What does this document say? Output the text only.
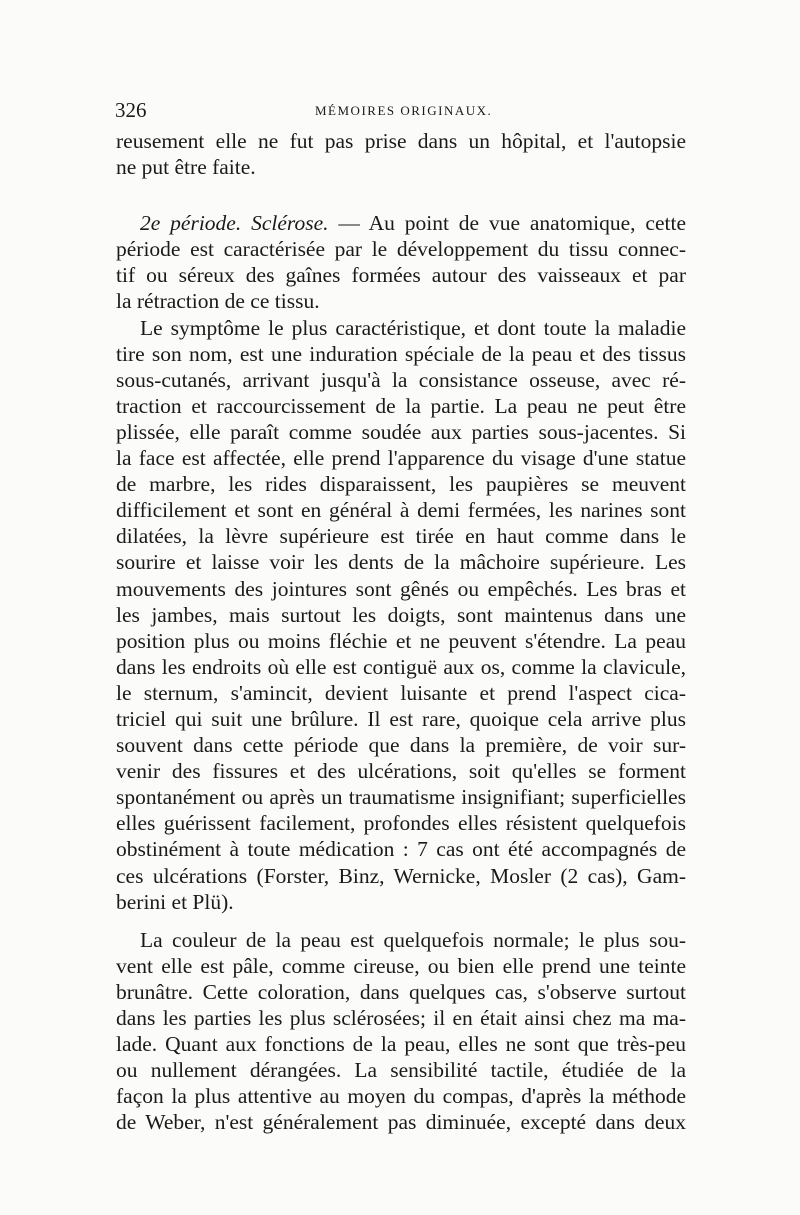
326	MÉMOIRES ORIGINAUX.
reusement elle ne fut pas prise dans un hôpital, et l'autopsie
ne put être faite.
2e période. Sclérose. — Au point de vue anatomique, cette
période est caractérisée par le développement du tissu connec-
tif ou séreux des gaînes formées autour des vaisseaux et par
la rétraction de ce tissu.
Le symptôme le plus caractéristique, et dont toute la maladie
tire son nom, est une induration spéciale de la peau et des tissus
sous-cutanés, arrivant jusqu'à la consistance osseuse, avec ré-
traction et raccourcissement de la partie. La peau ne peut être
plissée, elle paraît comme soudée aux parties sous-jacentes. Si
la face est affectée, elle prend l'apparence du visage d'une statue
de marbre, les rides disparaissent, les paupières se meuvent
difficilement et sont en général à demi fermées, les narines sont
dilatées, la lèvre supérieure est tirée en haut comme dans le
sourire et laisse voir les dents de la mâchoire supérieure. Les
mouvements des jointures sont gênés ou empêchés. Les bras et
les jambes, mais surtout les doigts, sont maintenus dans une
position plus ou moins fléchie et ne peuvent s'étendre. La peau
dans les endroits où elle est contiguë aux os, comme la clavicule,
le sternum, s'amincit, devient luisante et prend l'aspect cica-
triciel qui suit une brûlure. Il est rare, quoique cela arrive plus
souvent dans cette période que dans la première, de voir sur-
venir des fissures et des ulcérations, soit qu'elles se forment
spontanément ou après un traumatisme insignifiant; superficielles
elles guérissent facilement, profondes elles résistent quelquefois
obstinément à toute médication : 7 cas ont été accompagnés de
ces ulcérations (Forster, Binz, Wernicke, Mosler (2 cas), Gam-
berini et Plü).
La couleur de la peau est quelquefois normale; le plus sou-
vent elle est pâle, comme cireuse, ou bien elle prend une teinte
brunâtre. Cette coloration, dans quelques cas, s'observe surtout
dans les parties les plus sclérosées; il en était ainsi chez ma ma-
lade. Quant aux fonctions de la peau, elles ne sont que très-peu
ou nullement dérangées. La sensibilité tactile, étudiée de la
façon la plus attentive au moyen du compas, d'après la méthode
de Weber, n'est généralement pas diminuée, excepté dans deux
